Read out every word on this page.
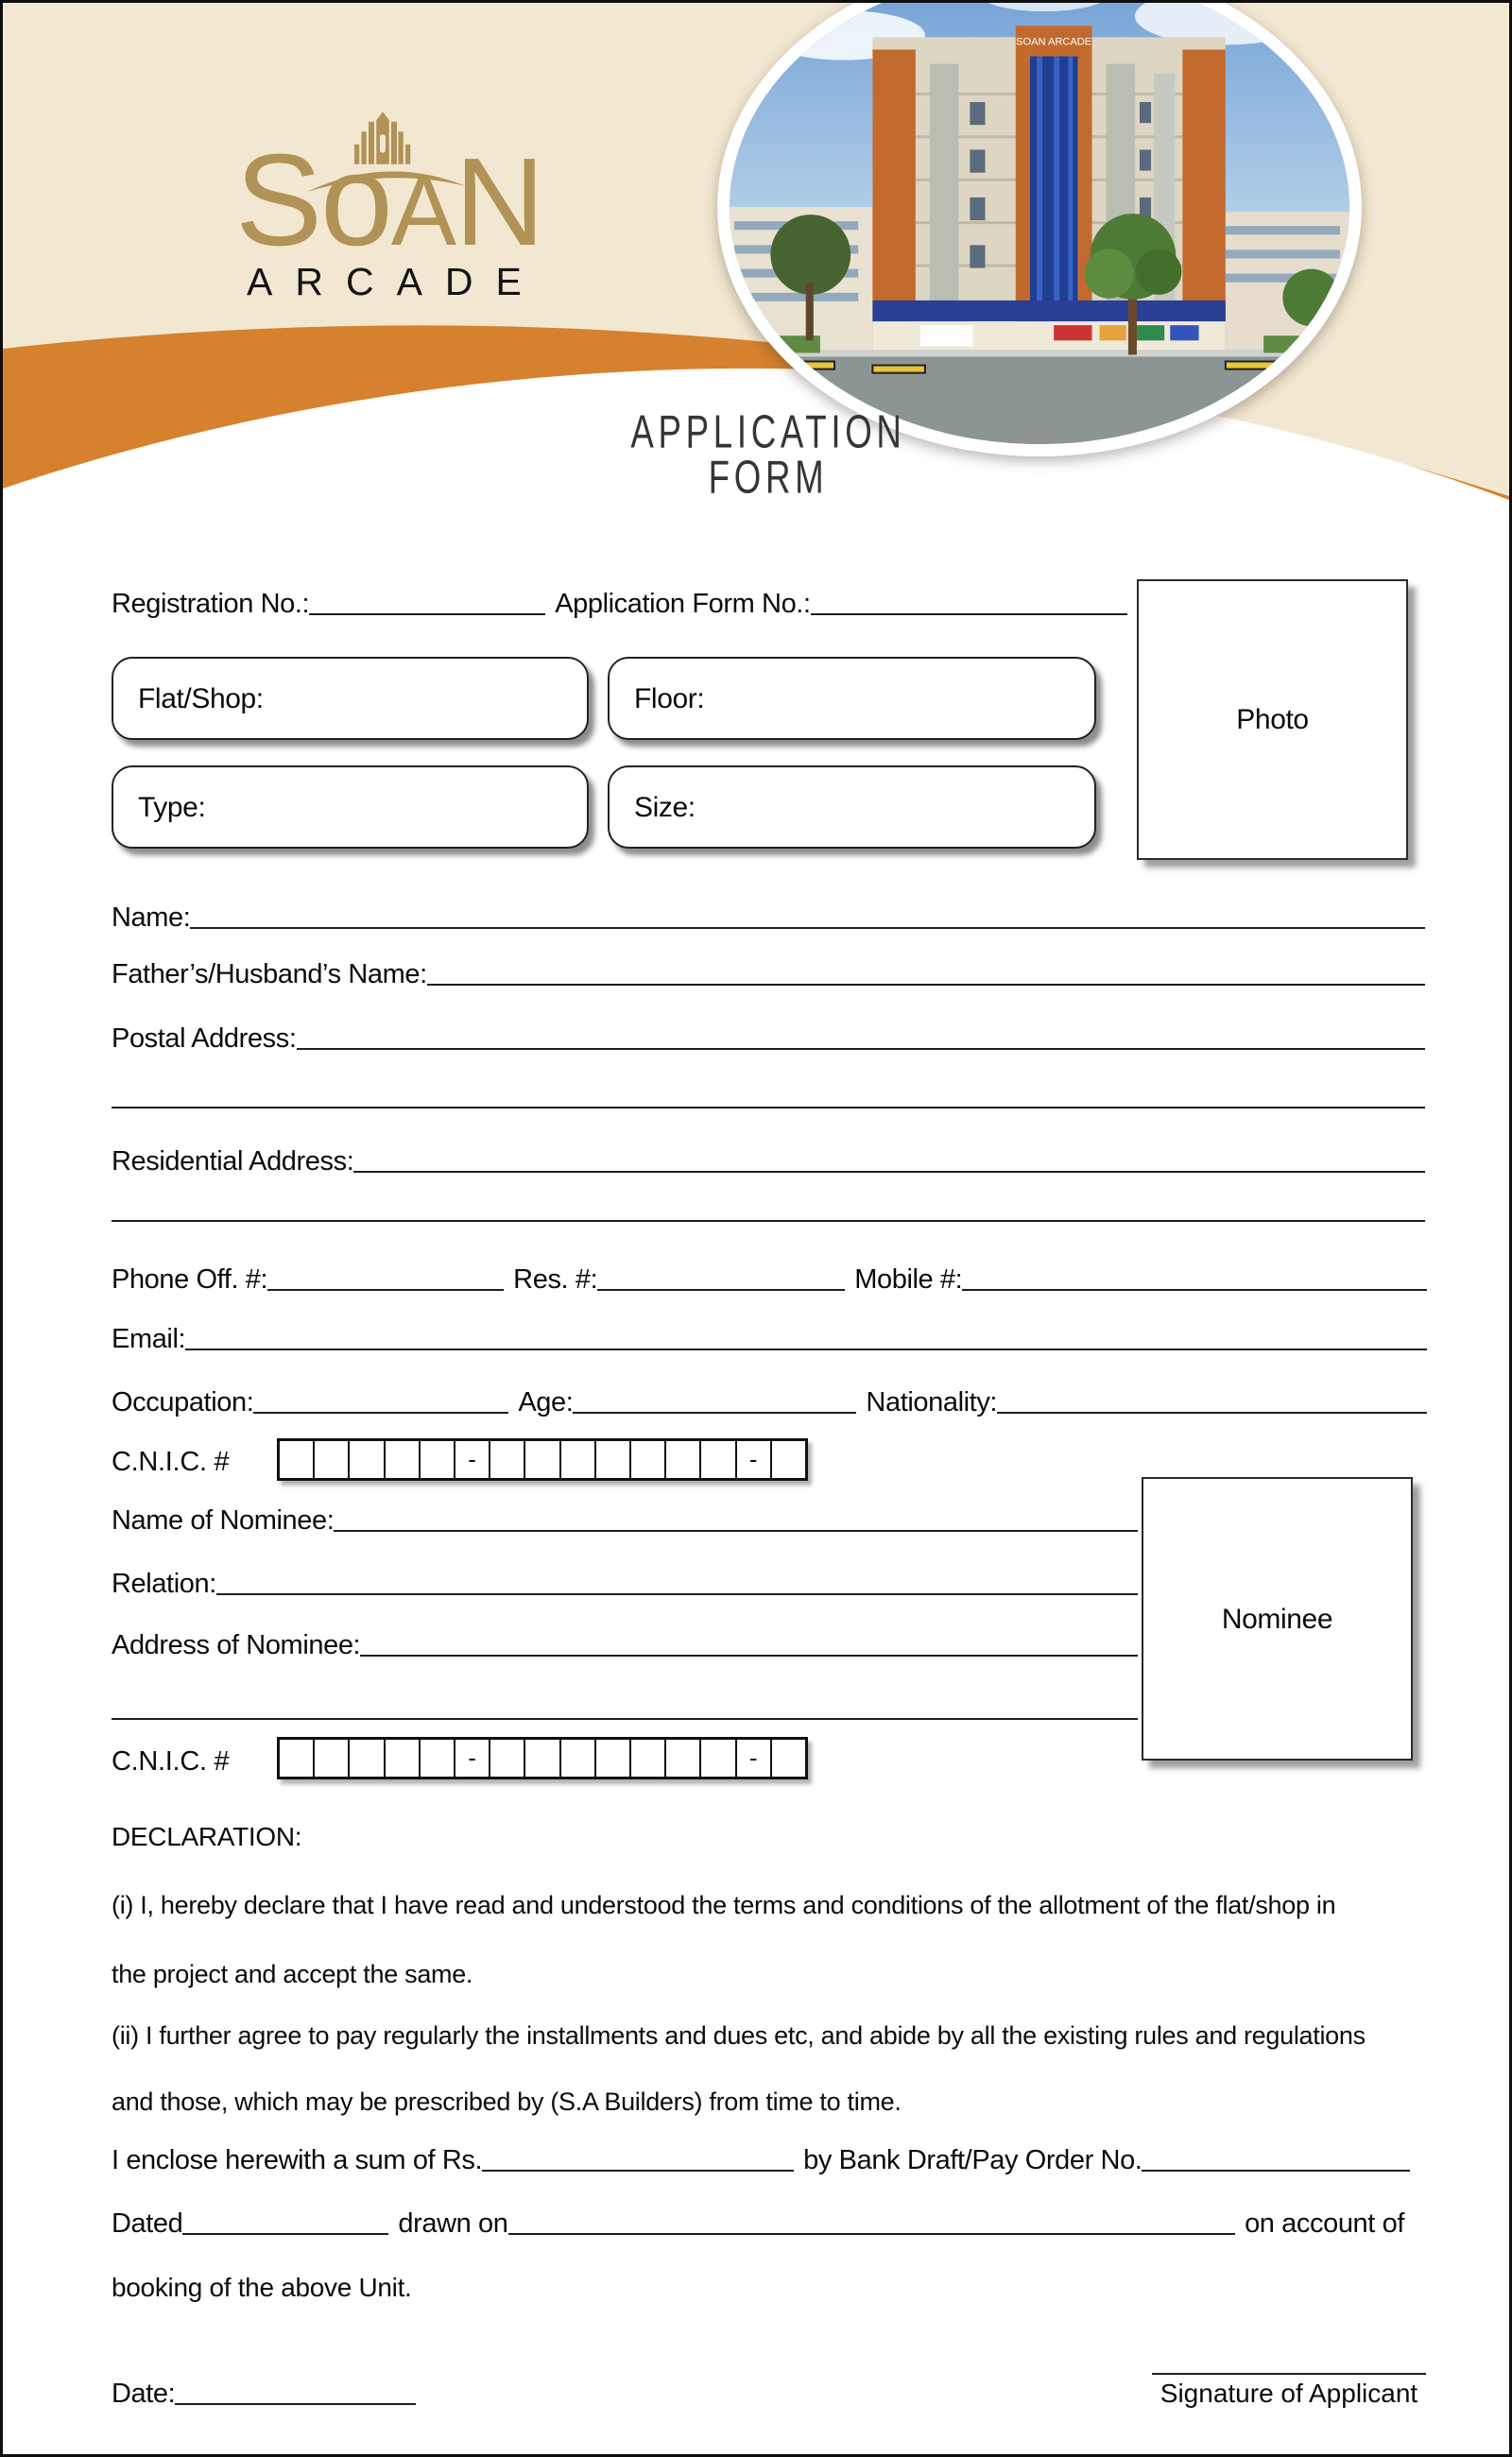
SoAN
ARCADE
SOAN ARCADE
APPLICATION
FORM
Registration No.:	Application Form No.:
Photo
Flat/Shop:	Floor:
Type:	Size:
Name:
Father’s/Husband’s Name:
Postal Address:
Residential Address:
Phone Off. #:	Res. #:	Mobile #:
Email:
Occupation:	Age:	Nationality:
C.N.I.C. #	-	-
Nominee
Name of Nominee:
Relation:
Address of Nominee:
C.N.I.C. #	-	-
DECLARATION:
(i) I, hereby declare that I have read and understood the terms and conditions of the allotment of the flat/shop in
the project and accept the same.
(ii) I further agree to pay regularly the installments and dues etc, and abide by all the existing rules and regulations
and those, which may be prescribed by (S.A Builders) from time to time.
I enclose herewith a sum of Rs.	by Bank Draft/Pay Order No.
Dated	drawn on	on account of
booking of the above Unit.
Date:	Signature of Applicant
